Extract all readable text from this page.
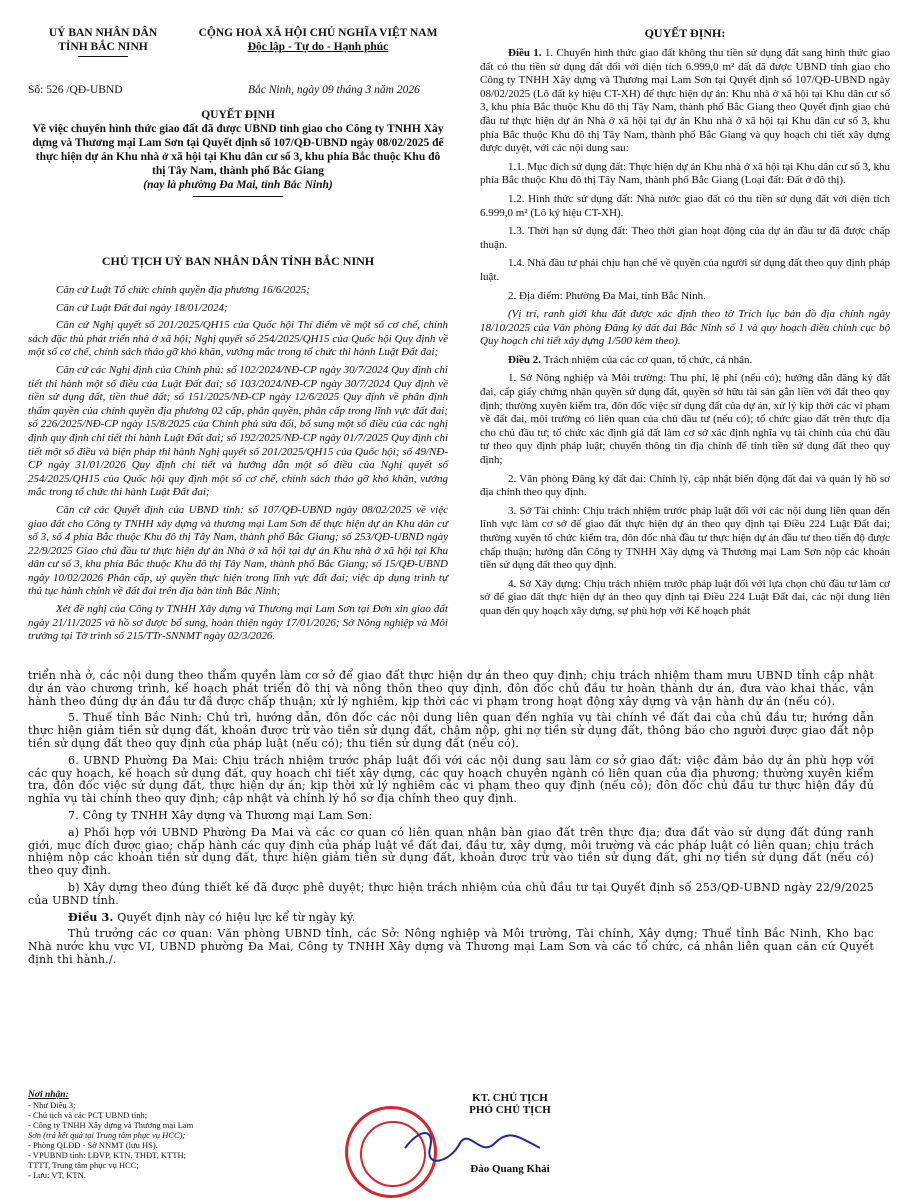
UỶ BAN NHÂN DÂN
TỈNH BẮC NINH
CỘNG HOÀ XÃ HỘI CHỦ NGHĨA VIỆT NAM
Độc lập - Tự do - Hạnh phúc
Số: 526 /QĐ-UBND	Bắc Ninh, ngày 09 tháng 3 năm 2026
QUYẾT ĐỊNH
Về việc chuyển hình thức giao đất đã được UBND tỉnh giao cho Công ty TNHH Xây dựng và Thương mại Lam Sơn tại Quyết định số 107/QĐ-UBND ngày 08/02/2025 để thực hiện dự án Khu nhà ở xã hội tại Khu dân cư số 3, khu phía Bắc thuộc Khu đô thị Tây Nam, thành phố Bắc Giang
(nay là phường Đa Mai, tỉnh Bắc Ninh)
CHỦ TỊCH UỶ BAN NHÂN DÂN TỈNH BẮC NINH

Căn cứ Luật Tổ chức chính quyền địa phương 16/6/2025;

Căn cứ Luật Đất đai ngày 18/01/2024;

Căn cứ Nghị quyết số 201/2025/QH15 của Quốc hội Thí điểm về một số cơ chế, chính sách đặc thù phát triển nhà ở xã hội; Nghị quyết số 254/2025/QH15 của Quốc hội Quy định về một số cơ chế, chính sách tháo gỡ khó khăn, vướng mắc trong tổ chức thi hành Luật Đất đai;

Căn cứ các Nghị định của Chính phủ: số 102/2024/NĐ-CP ngày 30/7/2024 Quy định chi tiết thi hành một số điều của Luật Đất đai; số 103/2024/NĐ-CP ngày 30/7/2024 Quy định về tiền sử dụng đất, tiền thuê đất; số 151/2025/NĐ-CP ngày 12/6/2025 Quy định về phân định thẩm quyền của chính quyền địa phương 02 cấp, phân quyền, phân cấp trong lĩnh vực đất đai; số 226/2025/NĐ-CP ngày 15/8/2025 của Chính phủ sửa đổi, bổ sung một số điều của các nghị định quy định chi tiết thi hành Luật Đất đai; số 192/2025/NĐ-CP ngày 01/7/2025 Quy định chi tiết một số điều và biện pháp thi hành Nghị quyết số 201/2025/QH15 của Quốc hội; số 49/NĐ-CP ngày 31/01/2026 Quy định chi tiết và hướng dẫn một số điều của Nghị quyết số 254/2025/QH15 của Quốc hội quy định một số cơ chế, chính sách tháo gỡ khó khăn, vướng mắc trong tổ chức thi hành Luật Đất đai;

Căn cứ các Quyết định của UBND tỉnh: số 107/QĐ-UBND ngày 08/02/2025 về việc giao đất cho Công ty TNHH xây dựng và thương mại Lam Sơn để thực hiện dự án Khu dân cư số 3, số 4 phía Bắc thuộc Khu đô thị Tây Nam, thành phố Bắc Giang; số 253/QĐ-UBND ngày 22/9/2025 Giao chủ đầu tư thực hiện dự án Nhà ở xã hội tại dự án Khu nhà ở xã hội tại Khu dân cư số 3, khu phía Bắc thuộc Khu đô thị Tây Nam, thành phố Bắc Giang; số 15/QĐ-UBND ngày 10/02/2026 Phân cấp, uỷ quyền thực hiện trong lĩnh vực đất đai; việc áp dụng trình tự thủ tục hành chính về đất đai trên địa bàn tỉnh Bắc Ninh;

Xét đề nghị của Công ty TNHH Xây dựng và Thương mại Lam Sơn tại Đơn xin giao đất ngày 21/11/2025 và hồ sơ được bổ sung, hoàn thiện ngày 17/01/2026; Sở Nông nghiệp và Môi trường tại Tờ trình số 215/TTr-SNNMT ngày 02/3/2026.

QUYẾT ĐỊNH:

Điều 1. 1. Chuyển hình thức giao đất không thu tiền sử dụng đất sang hình thức giao đất có thu tiền sử dụng đất đối với diện tích 6.999,0 m² đất đã được UBND tỉnh giao cho Công ty TNHH Xây dựng và Thương mại Lam Sơn tại Quyết định số 107/QĐ-UBND ngày 08/02/2025 (Lô đất ký hiệu CT-XH) để thực hiện dự án: Khu nhà ở xã hội tại Khu dân cư số 3, khu phía Bắc thuộc Khu đô thị Tây Nam, thành phố Bắc Giang theo Quyết định giao chủ đầu tư thực hiện dự án Nhà ở xã hội tại dự án Khu nhà ở xã hội tại Khu dân cư số 3, khu phía Bắc thuộc Khu đô thị Tây Nam, thành phố Bắc Giang và quy hoạch chi tiết xây dựng được duyệt, với các nội dung sau:

1.1. Mục đích sử dụng đất: Thực hiện dự án Khu nhà ở xã hội tại Khu dân cư số 3, khu phía Bắc thuộc Khu đô thị Tây Nam, thành phố Bắc Giang (Loại đất: Đất ở đô thị).

1.2. Hình thức sử dụng đất: Nhà nước giao đất có thu tiền sử dụng đất với diện tích 6.999,0 m² (Lô ký hiệu CT-XH).

1.3. Thời hạn sử dụng đất: Theo thời gian hoạt động của dự án đầu tư đã được chấp thuận.

1.4. Nhà đầu tư phải chịu hạn chế về quyền của người sử dụng đất theo quy định pháp luật.

2. Địa điểm: Phường Đa Mai, tỉnh Bắc Ninh.

(Vị trí, ranh giới khu đất được xác định theo tờ Trích lục bản đồ địa chính ngày 18/10/2025 của Văn phòng Đăng ký đất đai Bắc Ninh số 1 và quy hoạch điều chỉnh cục bộ Quy hoạch chi tiết xây dựng 1/500 kèm theo).

Điều 2. Trách nhiệm của các cơ quan, tổ chức, cá nhân.

1. Sở Nông nghiệp và Môi trường: Thu phí, lệ phí (nếu có); hướng dẫn đăng ký đất đai, cấp giấy chứng nhận quyền sử dụng đất, quyền sở hữu tài sản gắn liền với đất theo quy định; thường xuyên kiểm tra, đôn đốc việc sử dụng đất của dự án, xử lý kịp thời các vi phạm về đất đai, môi trường có liên quan của chủ đầu tư (nếu có); tổ chức giao đất trên thực địa cho chủ đầu tư; tổ chức xác định giá đất làm cơ sở xác định nghĩa vụ tài chính của chủ đầu tư theo quy định pháp luật; chuyển thông tin địa chính để tính tiền sử dụng đất theo quy định;

2. Văn phòng Đăng ký đất đai: Chỉnh lý, cập nhật biến động đất đai và quản lý hồ sơ địa chính theo quy định.

3. Sở Tài chính: Chịu trách nhiệm trước pháp luật đối với các nội dung liên quan đến lĩnh vực làm cơ sở để giao đất thực hiện dự án theo quy định tại Điều 224 Luật Đất đai; thường xuyên tổ chức kiểm tra, đôn đốc nhà đầu tư thực hiện dự án đầu tư theo tiến độ được chấp thuận; hướng dẫn Công ty TNHH Xây dựng và Thương mại Lam Sơn nộp các khoản tiền sử dụng đất theo quy định.

4. Sở Xây dựng: Chịu trách nhiệm trước pháp luật đối với lựa chọn chủ đầu tư làm cơ sở để giao đất thực hiện dự án theo quy định tại Điều 224 Luật Đất đai, các nội dung liên quan đến quy hoạch xây dựng, sự phù hợp với Kế hoạch phát

triển nhà ở, các nội dung theo thẩm quyền làm cơ sở để giao đất thực hiện dự án theo quy định; chịu trách nhiệm tham mưu UBND tỉnh cập nhật dự án vào chương trình, kế hoạch phát triển đô thị và nông thôn theo quy định, đôn đốc chủ đầu tư hoàn thành dự án, đưa vào khai thác, vận hành theo đúng dự án đầu tư đã được chấp thuận; xử lý nghiêm, kịp thời các vi phạm trong hoạt động xây dựng và vận hành dự án (nếu có).

5. Thuế tỉnh Bắc Ninh: Chủ trì, hướng dẫn, đôn đốc các nội dung liên quan đến nghĩa vụ tài chính về đất đai của chủ đầu tư; hướng dẫn thực hiện giảm tiền sử dụng đất, khoản được trừ vào tiền sử dụng đất, chậm nộp, ghi nợ tiền sử dụng đất, thông báo cho người được giao đất nộp tiền sử dụng đất theo quy định của pháp luật (nếu có); thu tiền sử dụng đất (nếu có).

6. UBND Phường Đa Mai: Chịu trách nhiệm trước pháp luật đối với các nội dung sau làm cơ sở giao đất: việc đảm bảo dự án phù hợp với các quy hoạch, kế hoạch sử dụng đất, quy hoạch chi tiết xây dựng, các quy hoạch chuyên ngành có liên quan của địa phương; thường xuyên kiểm tra, đôn đốc việc sử dụng đất, thực hiện dự án; kịp thời xử lý nghiêm các vi phạm theo quy định (nếu có); đôn đốc chủ đầu tư thực hiện đầy đủ nghĩa vụ tài chính theo quy định; cập nhật và chỉnh lý hồ sơ địa chính theo quy định.

7. Công ty TNHH Xây dựng và Thương mại Lam Sơn:

a) Phối hợp với UBND Phường Đa Mai và các cơ quan có liên quan nhận bàn giao đất trên thực địa; đưa đất vào sử dụng đất đúng ranh giới, mục đích được giao; chấp hành các quy định của pháp luật về đất đai, đầu tư, xây dựng, môi trường và các pháp luật có liên quan; chịu trách nhiệm nộp các khoản tiền sử dụng đất, thực hiện giảm tiền sử dụng đất, khoản được trừ vào tiền sử dụng đất, ghi nợ tiền sử dụng đất (nếu có) theo quy định.

b) Xây dựng theo đúng thiết kế đã được phê duyệt; thực hiện trách nhiệm của chủ đầu tư tại Quyết định số 253/QĐ-UBND ngày 22/9/2025 của UBND tỉnh.

Điều 3. Quyết định này có hiệu lực kể từ ngày ký.

Thủ trưởng các cơ quan: Văn phòng UBND tỉnh, các Sở: Nông nghiệp và Môi trường, Tài chính, Xây dựng; Thuế tỉnh Bắc Ninh, Kho bạc Nhà nước khu vực VI, UBND phường Đa Mai, Công ty TNHH Xây dựng và Thương mại Lam Sơn và các tổ chức, cá nhân liên quan căn cứ Quyết định thi hành./.

Nơi nhận:
- Như Điều 3;
- Chủ tịch và các PCT UBND tỉnh;
- Công ty TNHH Xây dựng và Thương mại Lam
Sơn (trả kết quả tại Trung tâm phục vụ HCC);
- Phòng QLĐĐ - Sở NNMT (lưu HS).
- VPUBND tỉnh: LĐVP, KTN, THĐT, KTTH;
TTTT, Trung tâm phục vụ HCC;
- Lưu: VT, KTN.
KT. CHỦ TỊCH
PHÓ CHỦ TỊCH
Đào Quang Khải
